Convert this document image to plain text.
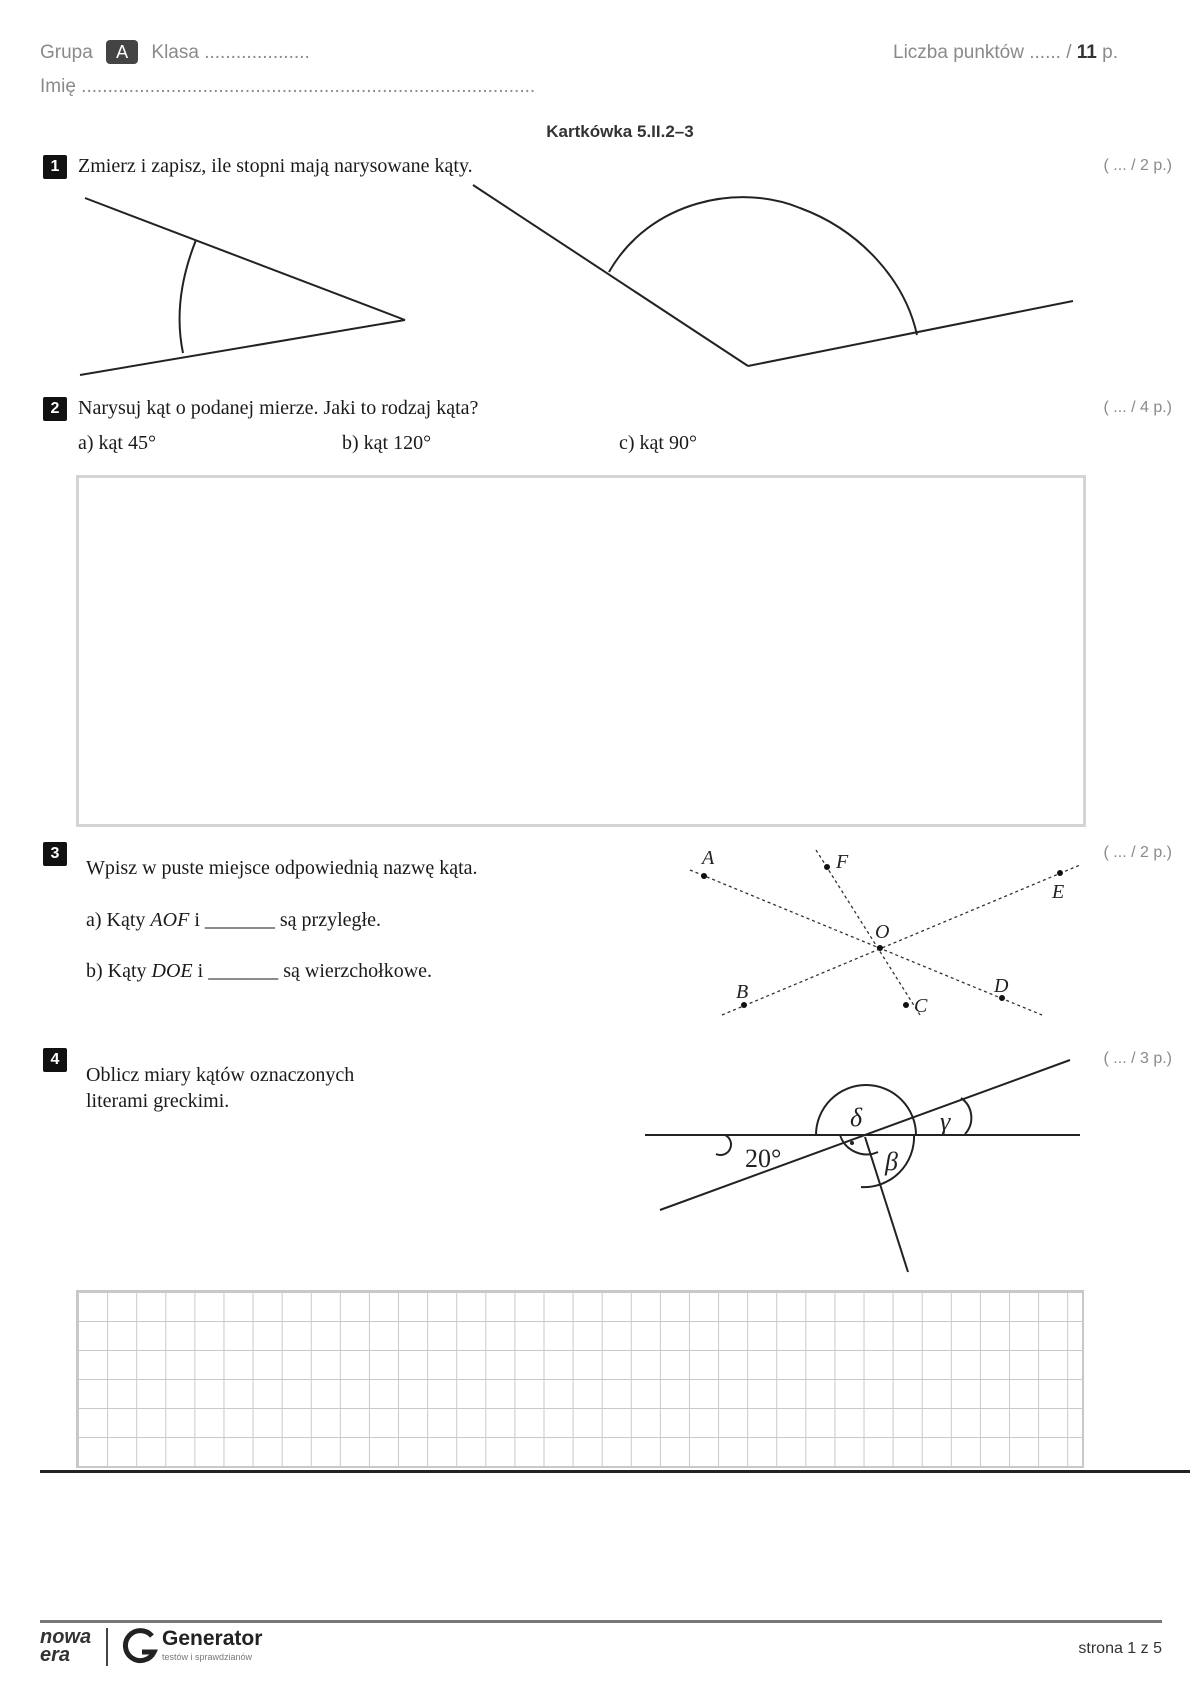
Grupa A Klasa ....................
Imię ......................................................................................
Liczba punktów ...... / 11 p.
Kartkówka 5.II.2–3
1 Zmierz i zapisz, ile stopni mają narysowane kąty.	( ... / 2 p.)
2 Narysuj kąt o podanej mierze. Jaki to rodzaj kąta?	( ... / 4 p.)
a) kąt 45°	b) kąt 120°	c) kąt 90°
3
Wpisz w puste miejsce odpowiednią nazwę kąta.
( ... / 2 p.)
a) Kąty AOF i _______ są przyległe.
b) Kąty DOE i _______ są wierzchołkowe.
A	F
E
O
B
C
D
4
Oblicz miary kątów oznaczonych
literami greckimi.
( ... / 3 p.)
20°
δ	γ
β
nowa
era
Generator
testów i sprawdzianów	strona 1 z 5
